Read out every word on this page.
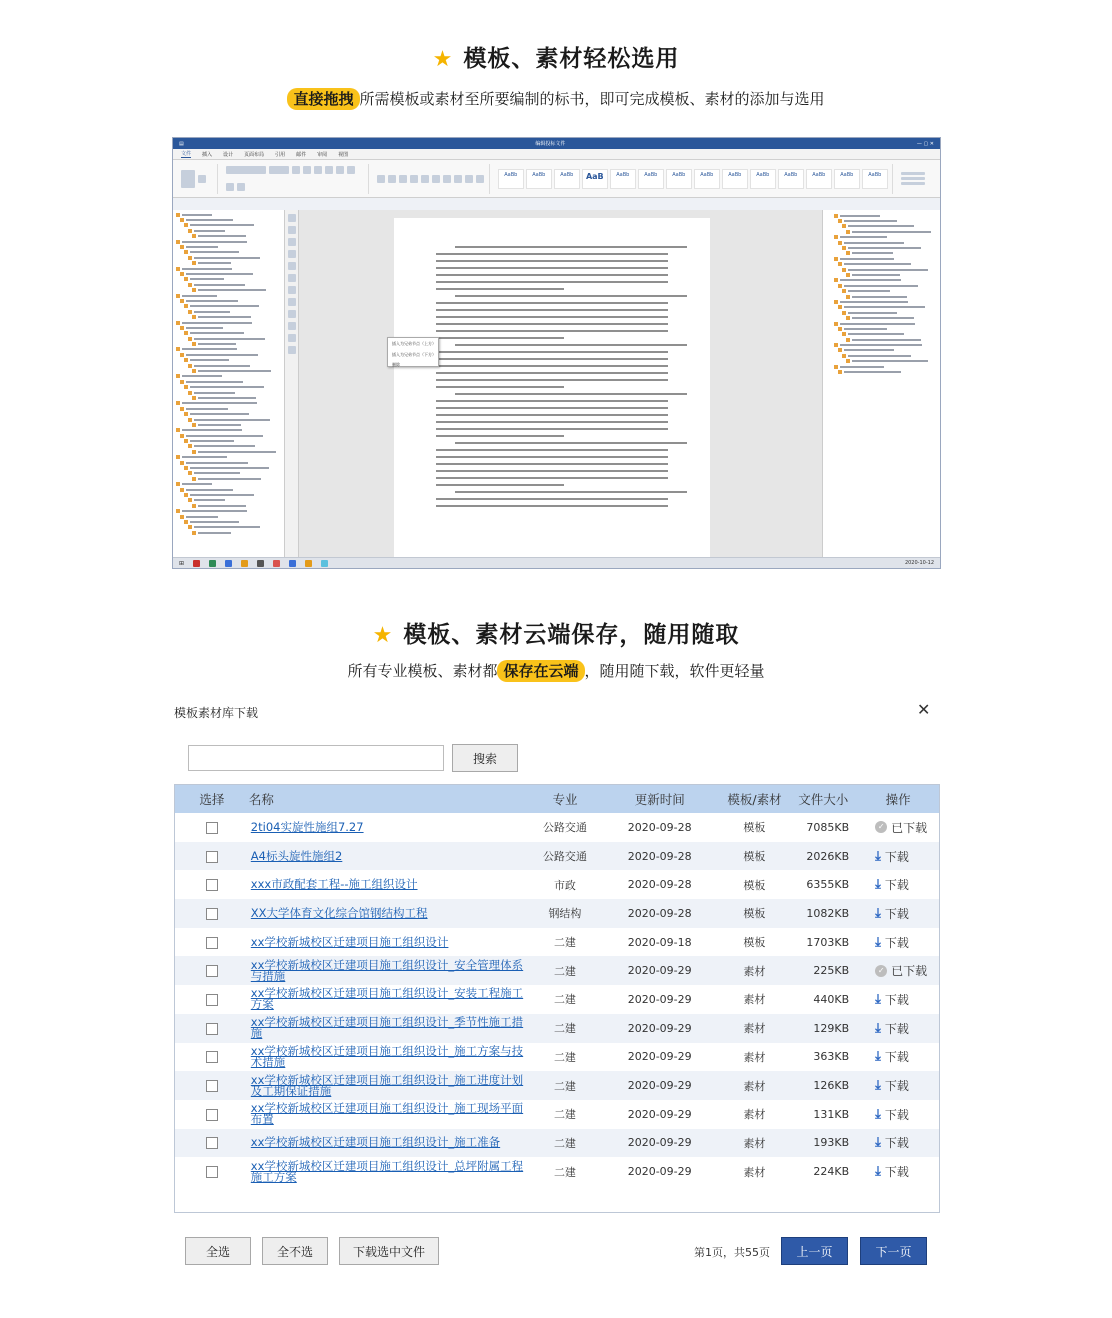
★ 模板、素材轻松选用
直接拖拽 所需模板或素材至所要编制的标书，即可完成模板、素材的添加与选用
▤	编辑投标文件	— ▢ ✕
文件 插入 设计 页面布局 引用 邮件 审阅 视图
AaBb	AaBb	AaBb	AaB	AaBb	AaBb	AaBb	AaBb	AaBb	AaBb	AaBb	AaBb	AaBb	AaBb
插入为兄弟节点（上方）
插入为兄弟节点（下方）
删除
⊞	2020-10-12
★ 模板、素材云端保存，随用随取
所有专业模板、素材都 保存在云端 ，随用随下载，软件更轻量
模板素材库下载	✕
搜索
选择	名称	专业	更新时间	模板/素材	文件大小	操作
2ti04实旋性施组7.27	公路交通	2020-09-28	模板	7085KB	✓ 已下载
A4标头旋性施组2	公路交通	2020-09-28	模板	2026KB	⤓ 下载
xxx市政配套工程--施工组织设计	市政	2020-09-28	模板	6355KB	⤓ 下载
XX大学体育文化综合馆钢结构工程	钢结构	2020-09-28	模板	1082KB	⤓ 下载
xx学校新城校区迁建项目施工组织设计	二建	2020-09-18	模板	1703KB	⤓ 下载
xx学校新城校区迁建项目施工组织设计_安全管理体系与措施	二建	2020-09-29	素材	225KB	✓ 已下载
xx学校新城校区迁建项目施工组织设计_安装工程施工方案	二建	2020-09-29	素材	440KB	⤓ 下载
xx学校新城校区迁建项目施工组织设计_季节性施工措施	二建	2020-09-29	素材	129KB	⤓ 下载
xx学校新城校区迁建项目施工组织设计_施工方案与技术措施	二建	2020-09-29	素材	363KB	⤓ 下载
xx学校新城校区迁建项目施工组织设计_施工进度计划及工期保证措施	二建	2020-09-29	素材	126KB	⤓ 下载
xx学校新城校区迁建项目施工组织设计_施工现场平面布置	二建	2020-09-29	素材	131KB	⤓ 下载
xx学校新城校区迁建项目施工组织设计_施工准备	二建	2020-09-29	素材	193KB	⤓ 下载
xx学校新城校区迁建项目施工组织设计_总坪附属工程施工方案	二建	2020-09-29	素材	224KB	⤓ 下载
全选	全不选	下载选中文件	第1页，共55页	上一页	下一页
